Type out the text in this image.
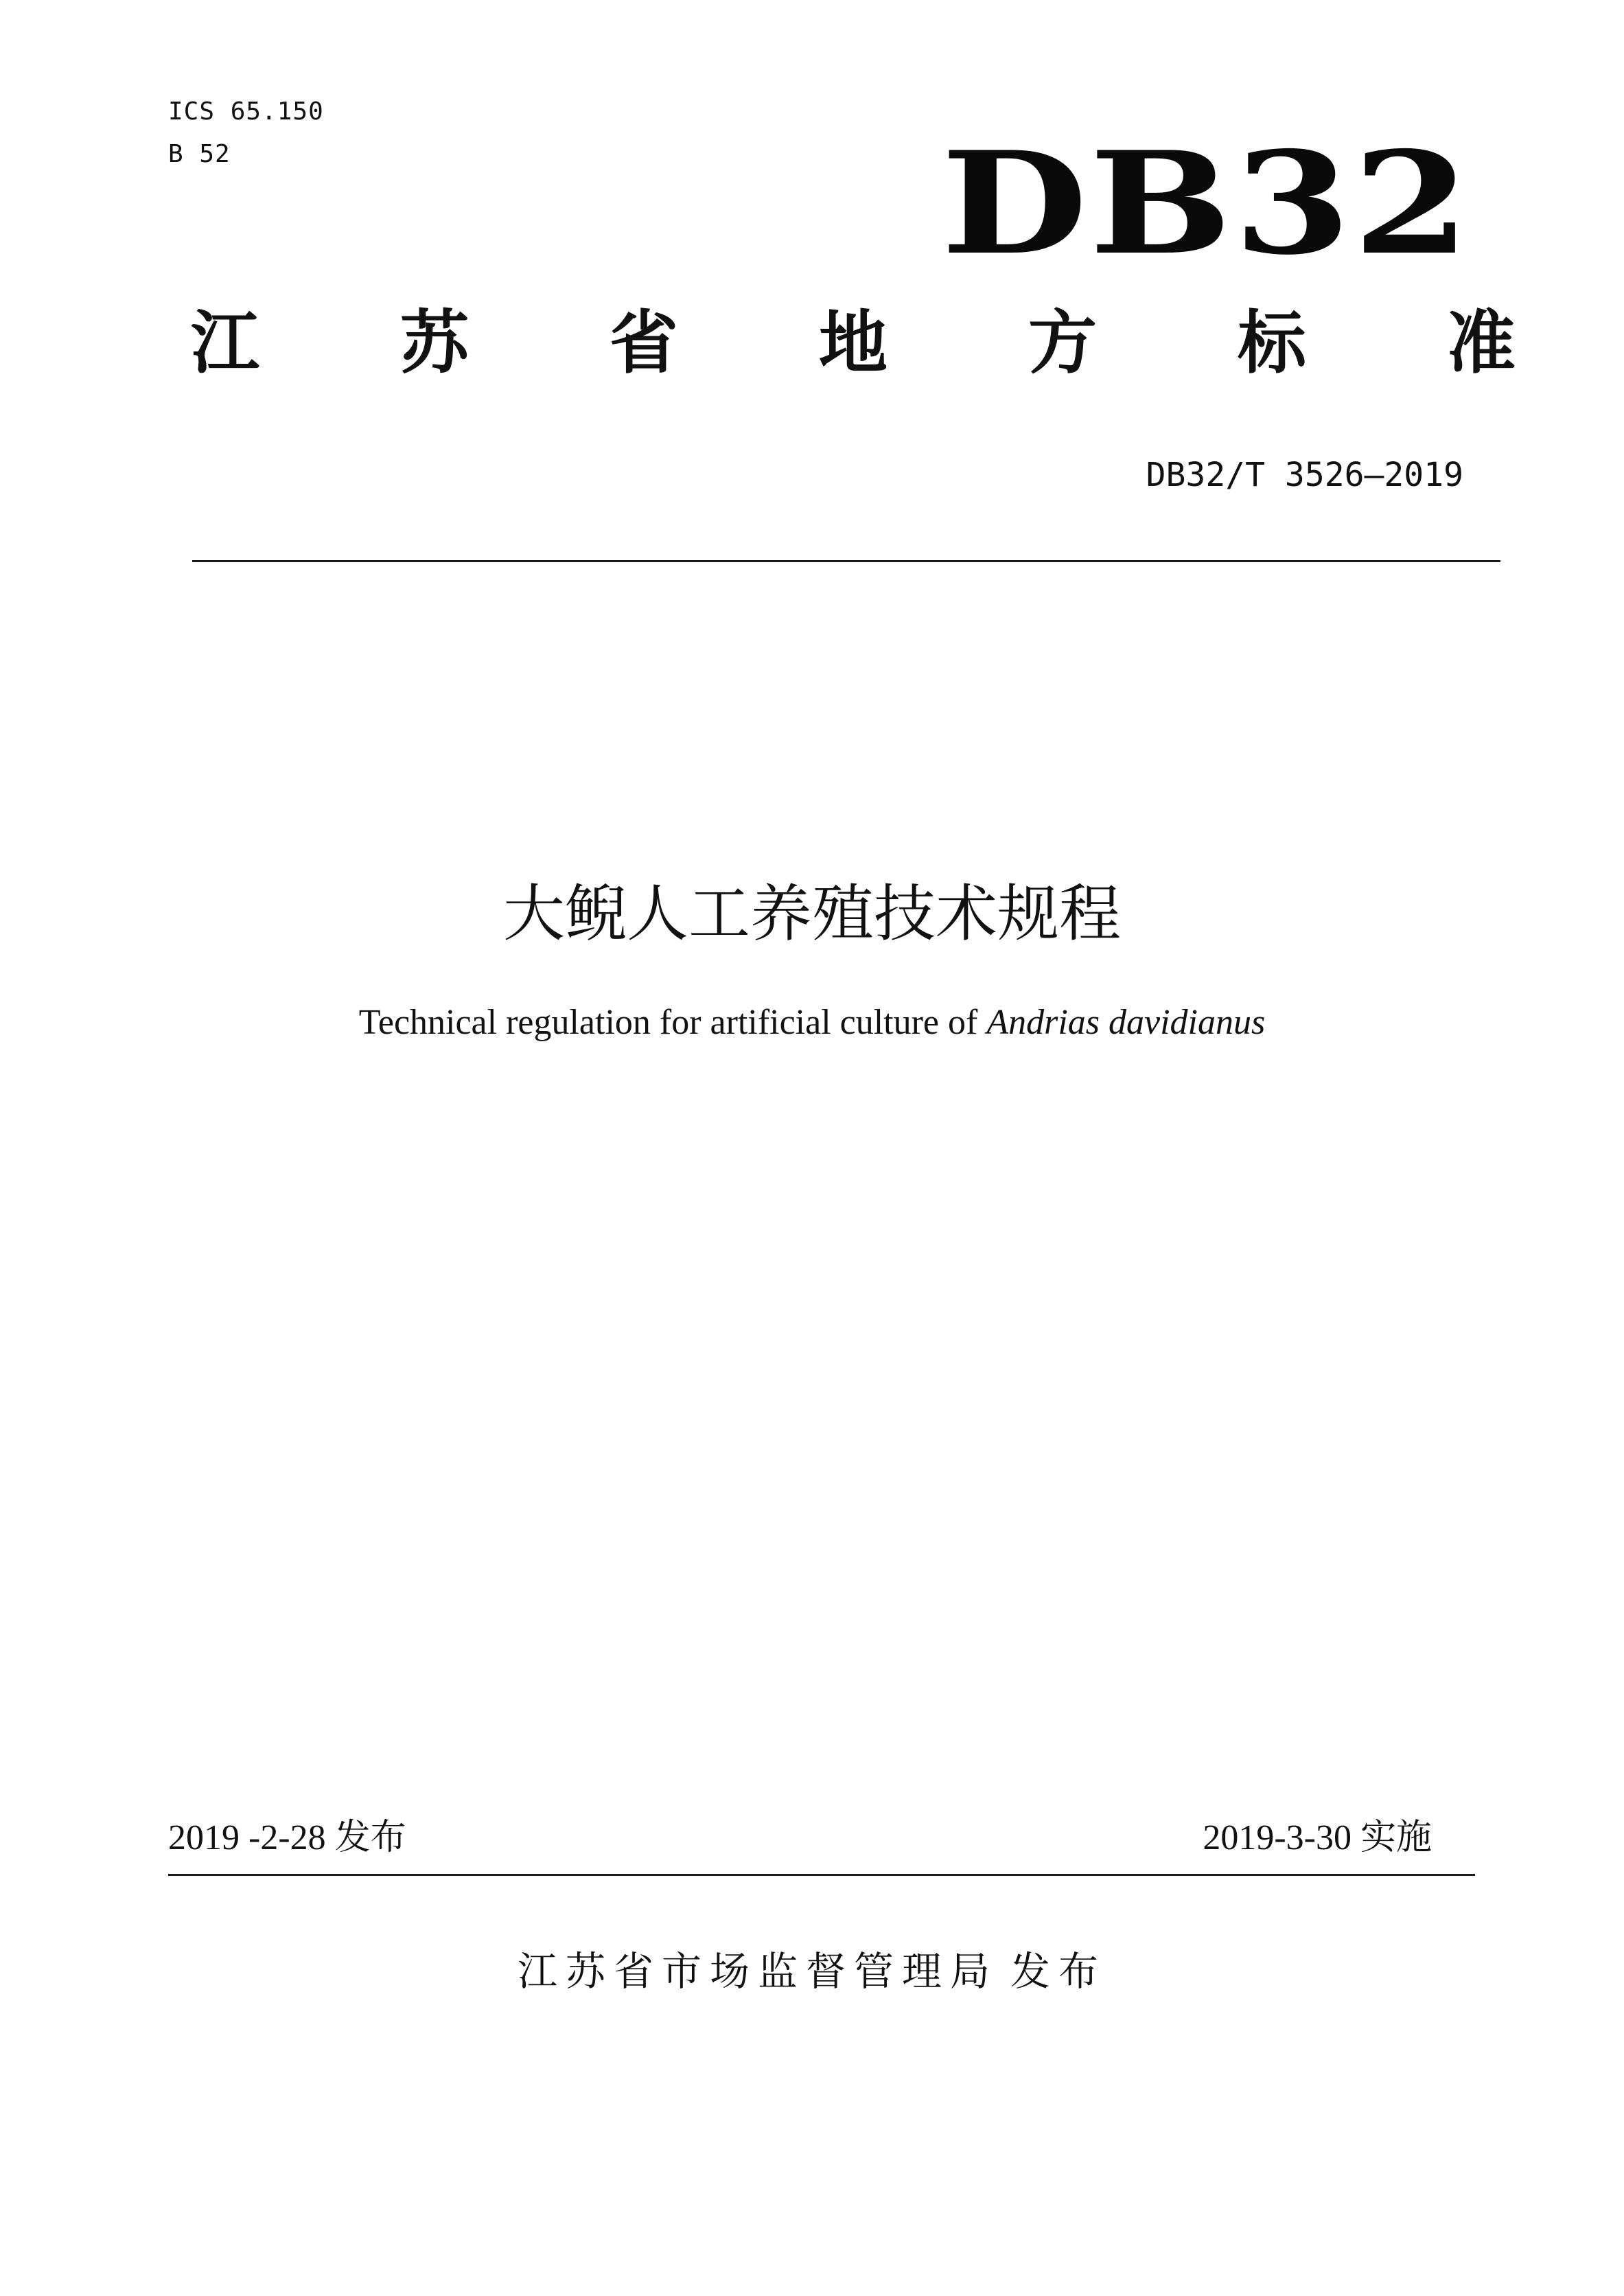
ICS 65.150
B 52	DB32
江 苏 省 地 方 标 准
DB32/T 3526—2019
大鲵人工养殖技术规程
Technical regulation for artificial culture of Andrias davidianus
2019 -2-28 发布	2019-3-30 实施
江苏省市场监督管理局 发布
